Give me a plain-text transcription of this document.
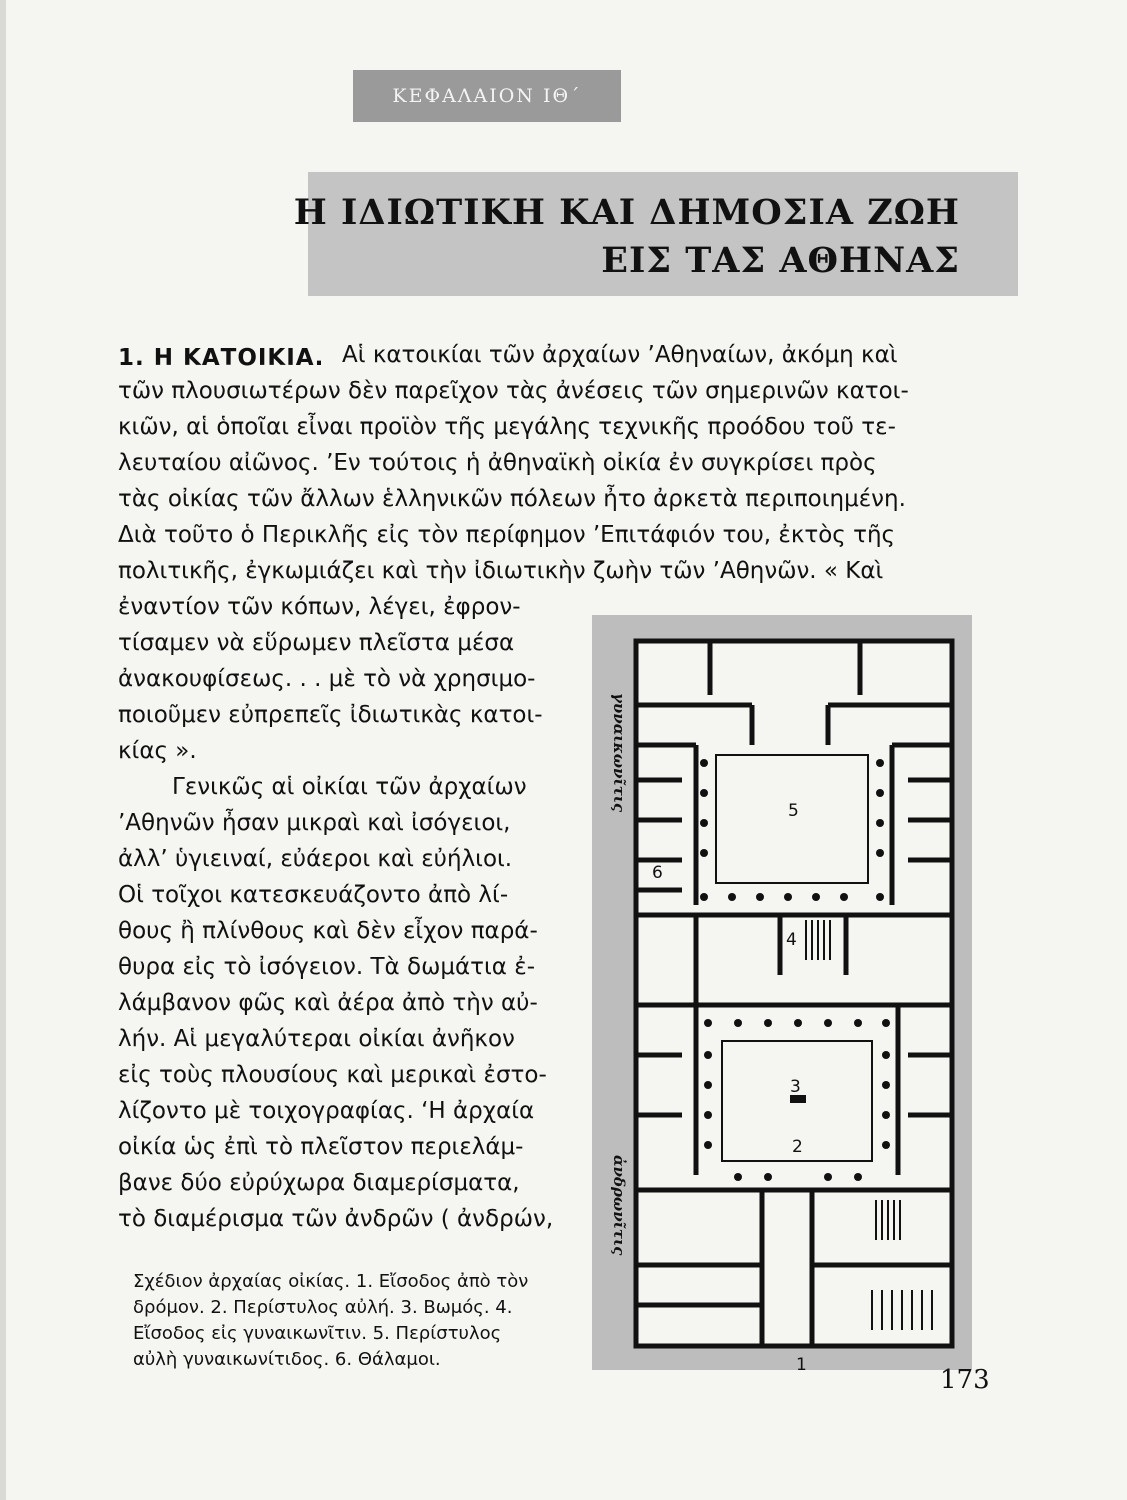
ΚΕΦΑΛΑΙΟΝ ΙΘ΄
Η ΙΔΙΩΤΙΚΗ ΚΑΙ ΔΗΜΟΣΙΑ ΖΩΗ
ΕΙΣ ΤΑΣ ΑΘΗΝΑΣ
1. Η ΚΑΤΟΙΚΙΑ. Αἱ κατοικίαι τῶν ἀρχαίων ’Αθηναίων, ἀκόμη καὶ
τῶν πλουσιωτέρων δὲν παρεῖχον τὰς ἀνέσεις τῶν σημερινῶν κατοι-
κιῶν, αἱ ὁποῖαι εἶναι προϊὸν τῆς μεγάλης τεχνικῆς προόδου τοῦ τε-
λευταίου αἰῶνος. ’Εν τούτοις ἡ ἀθηναϊκὴ οἰκία ἐν συγκρίσει πρὸς
τὰς οἰκίας τῶν ἄλλων ἑλληνικῶν πόλεων ἦτο ἀρκετὰ περιποιημένη.
Διὰ τοῦτο ὁ Περικλῆς εἰς τὸν περίφημον ’Επιτάφιόν του, ἐκτὸς τῆς
πολιτικῆς, ἐγκωμιάζει καὶ τὴν ἰδιωτικὴν ζωὴν τῶν ’Αθηνῶν. « Καὶ
ἐναντίον τῶν κόπων, λέγει, ἐφρον-
τίσαμεν νὰ εὕρωμεν πλεῖστα μέσα
ἀνακουφίσεως. . . μὲ τὸ νὰ χρησιμο-
ποιοῦμεν εὐπρεπεῖς ἰδιωτικὰς κατοι-
κίας ».
Γενικῶς αἱ οἰκίαι τῶν ἀρχαίων
’Αθηνῶν ἦσαν μικραὶ καὶ ἰσόγειοι,
ἀλλ’ ὑγιειναί, εὐάεροι καὶ εὐήλιοι.
Οἱ τοῖχοι κατεσκευάζοντο ἀπὸ λί-
θους ἢ πλίνθους καὶ δὲν εἶχον παρά-
θυρα εἰς τὸ ἰσόγειον. Τὰ δωμάτια ἐ-
λάμβανον φῶς καὶ ἀέρα ἀπὸ τὴν αὐ-
λήν. Αἱ μεγαλύτεραι οἰκίαι ἀνῆκον
εἰς τοὺς πλουσίους καὶ μερικαὶ ἐστο-
λίζοντο μὲ τοιχογραφίας. ‘Η ἀρχαία
οἰκία ὡς ἐπὶ τὸ πλεῖστον περιελάμ-
βανε δύο εὐρύχωρα διαμερίσματα,
τὸ διαμέρισμα τῶν ἀνδρῶν ( ἀνδρών,
γυναικωνῖτις
ἀνδρωνῖτις
1
2
3
4
5
6
Σχέδιον ἀρχαίας οἰκίας. 1. Εἴσοδος ἀπὸ τὸν
δρόμον. 2. Περίστυλος αὐλή. 3. Βωμός. 4.
Εἴσοδος εἰς γυναικωνῖτιν. 5. Περίστυλος
αὐλὴ γυναικωνίτιδος. 6. Θάλαμοι.
173
